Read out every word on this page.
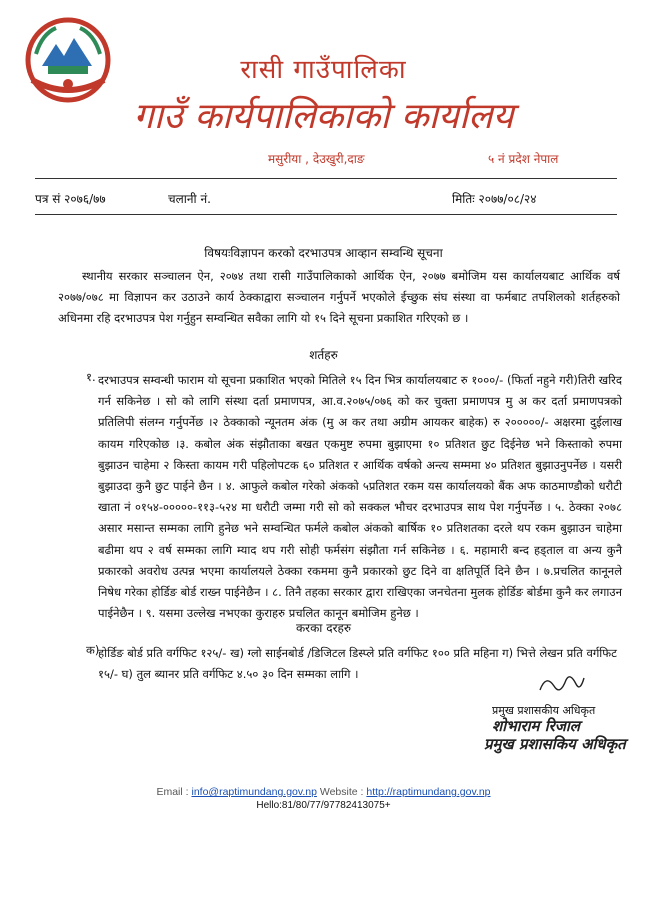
रासी गाउँपालिका
गाउँ कार्यपालिकाको कार्यालय
मसुरीया , देउखुरी,दाङ	५ नं प्रदेश नेपाल
पत्र सं २०७६/७७	चलानी नं.	मितिः २०७७/०८/२४
विषयःविज्ञापन करको दरभाउपत्र आव्हान सम्वन्धि सूचना
स्थानीय सरकार सञ्चालन ऐन, २०७४ तथा रासी गाउँपालिकाको आर्थिक ऐन, २०७७ बमोजिम यस कार्यालयबाट आर्थिक वर्ष २०७७/०७८ मा विज्ञापन कर उठाउने कार्य ठेक्काद्वारा सञ्चालन गर्नुपर्ने भएकोले ईच्छुक संघ संस्था वा फर्मबाट तपशिलको शर्तहरुको अधिनमा रहि दरभाउपत्र पेश गर्नुहुन सम्वन्धित सवैका लागि यो १५ दिने सूचना प्रकाशित गरिएको छ ।
शर्तहरु
१. दरभाउपत्र सम्वन्धी फाराम यो सूचना प्रकाशित भएको मितिले १५ दिन भित्र कार्यालयबाट रु १०००/- (फिर्ता नहुने गरी)तिरी खरिद गर्न सकिनेछ । सो को लागि संस्था दर्ता प्रमाणपत्र, आ.व.२०७५/०७६ को कर चुक्ता प्रमाणपत्र मु अ कर दर्ता प्रमाणपत्रको प्रतिलिपी संलग्न गर्नुपर्नेछ ।२ ठेक्काको न्यूनतम अंक (मु अ कर तथा अग्रीम आयकर बाहेक) रु २०००००/- अक्षरमा दुईलाख कायम गरिएकोछ ।३. कबोल अंक संझौताका बखत एकमुष्ट रुपमा बुझाएमा १० प्रतिशत छुट दिईनेछ भने किस्ताको रुपमा बुझाउन चाहेमा २ किस्ता कायम गरी पहिलोपटक ६० प्रतिशत र आर्थिक वर्षको अन्त्य सम्ममा ४० प्रतिशत बुझाउनुपर्नेछ । यसरी बुझाउदा कुनै छुट पाईने छैन । ४. आफुले कबोल गरेको अंकको ५प्रतिशत रकम यस कार्यालयको बैंक अफ काठमाण्डौको धरौटी खाता नं ०१५४-०००००-११३-५२४ मा धरौटी जम्मा गरी सो को सक्कल भौचर दरभाउपत्र साथ पेश गर्नुपर्नेछ । ५. ठेक्का २०७८ असार मसान्त सम्मका लागि हुनेछ भने सम्वन्धित फर्मले कबोल अंकको बार्षिक १० प्रतिशतका दरले थप रकम बुझाउन चाहेमा बढीमा थप २ वर्ष सम्मका लागि म्याद थप गरी सोही फर्मसंग संझौता गर्न सकिनेछ । ६. महामारी बन्द हड्ताल वा अन्य कुनै प्रकारको अवरोध उत्पन्न भएमा कार्यालयले ठेक्का रकममा कुनै प्रकारको छुट दिने वा क्षतिपूर्ति दिने छैन । ७.प्रचलित कानूनले निषेध गरेका होर्डिङ बोर्ड राख्न पाईनेछैन । ८. तिनै तहका सरकार द्वारा राखिएका जनचेतना मुलक होर्डिङ बोर्डमा कुनै कर लगाउन पाईनेछैन । ९. यसमा उल्लेख नभएका कुराहरु प्रचलित कानून बमोजिम हुनेछ ।
करका दरहरु
क)
होर्डिङ बोर्ड प्रति वर्गफिट १२५/- ख) ग्लो साईनबोर्ड /डिजिटल डिस्प्ले प्रति वर्गफिट १०० प्रति महिना ग) भित्ते लेखन प्रति वर्गफिट १५/- घ) तुल ब्यानर प्रति वर्गफिट ४.५० ३० दिन सम्मका लागि ।
प्रमुख प्रशासकीय अधिकृत
शोभाराम रिजाल
प्रमुख प्रशासकिय अधिकृत
Email : info@raptimundang.gov.np Website : http://raptimundang.gov.np
Hello:81/80/77/97782413075+
